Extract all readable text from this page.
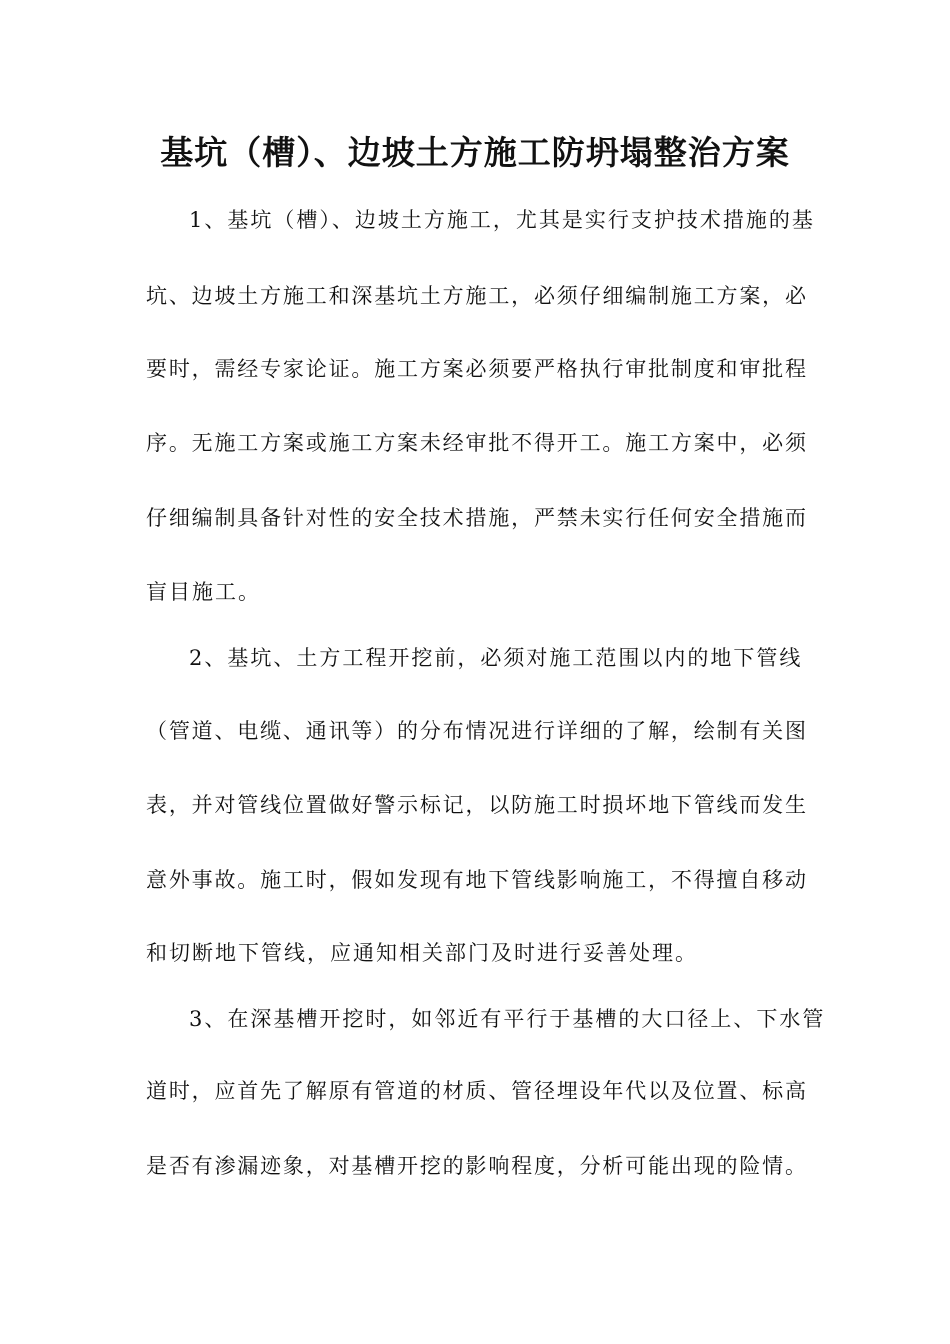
基坑（槽）、边坡土方施工防坍塌整治方案
1、基坑（槽）、边坡土方施工，尤其是实行支护技术措施的基
坑、边坡土方施工和深基坑土方施工，必须仔细编制施工方案，必
要时，需经专家论证。施工方案必须要严格执行审批制度和审批程
序。无施工方案或施工方案未经审批不得开工。施工方案中，必须
仔细编制具备针对性的安全技术措施，严禁未实行任何安全措施而
盲目施工。
2、基坑、土方工程开挖前，必须对施工范围以内的地下管线
（管道、电缆、通讯等）的分布情况进行详细的了解，绘制有关图
表，并对管线位置做好警示标记，以防施工时损坏地下管线而发生
意外事故。施工时，假如发现有地下管线影响施工，不得擅自移动
和切断地下管线，应通知相关部门及时进行妥善处理。
3、在深基槽开挖时，如邻近有平行于基槽的大口径上、下水管
道时，应首先了解原有管道的材质、管径埋设年代以及位置、标高
是否有渗漏迹象，对基槽开挖的影响程度，分析可能出现的险情。
